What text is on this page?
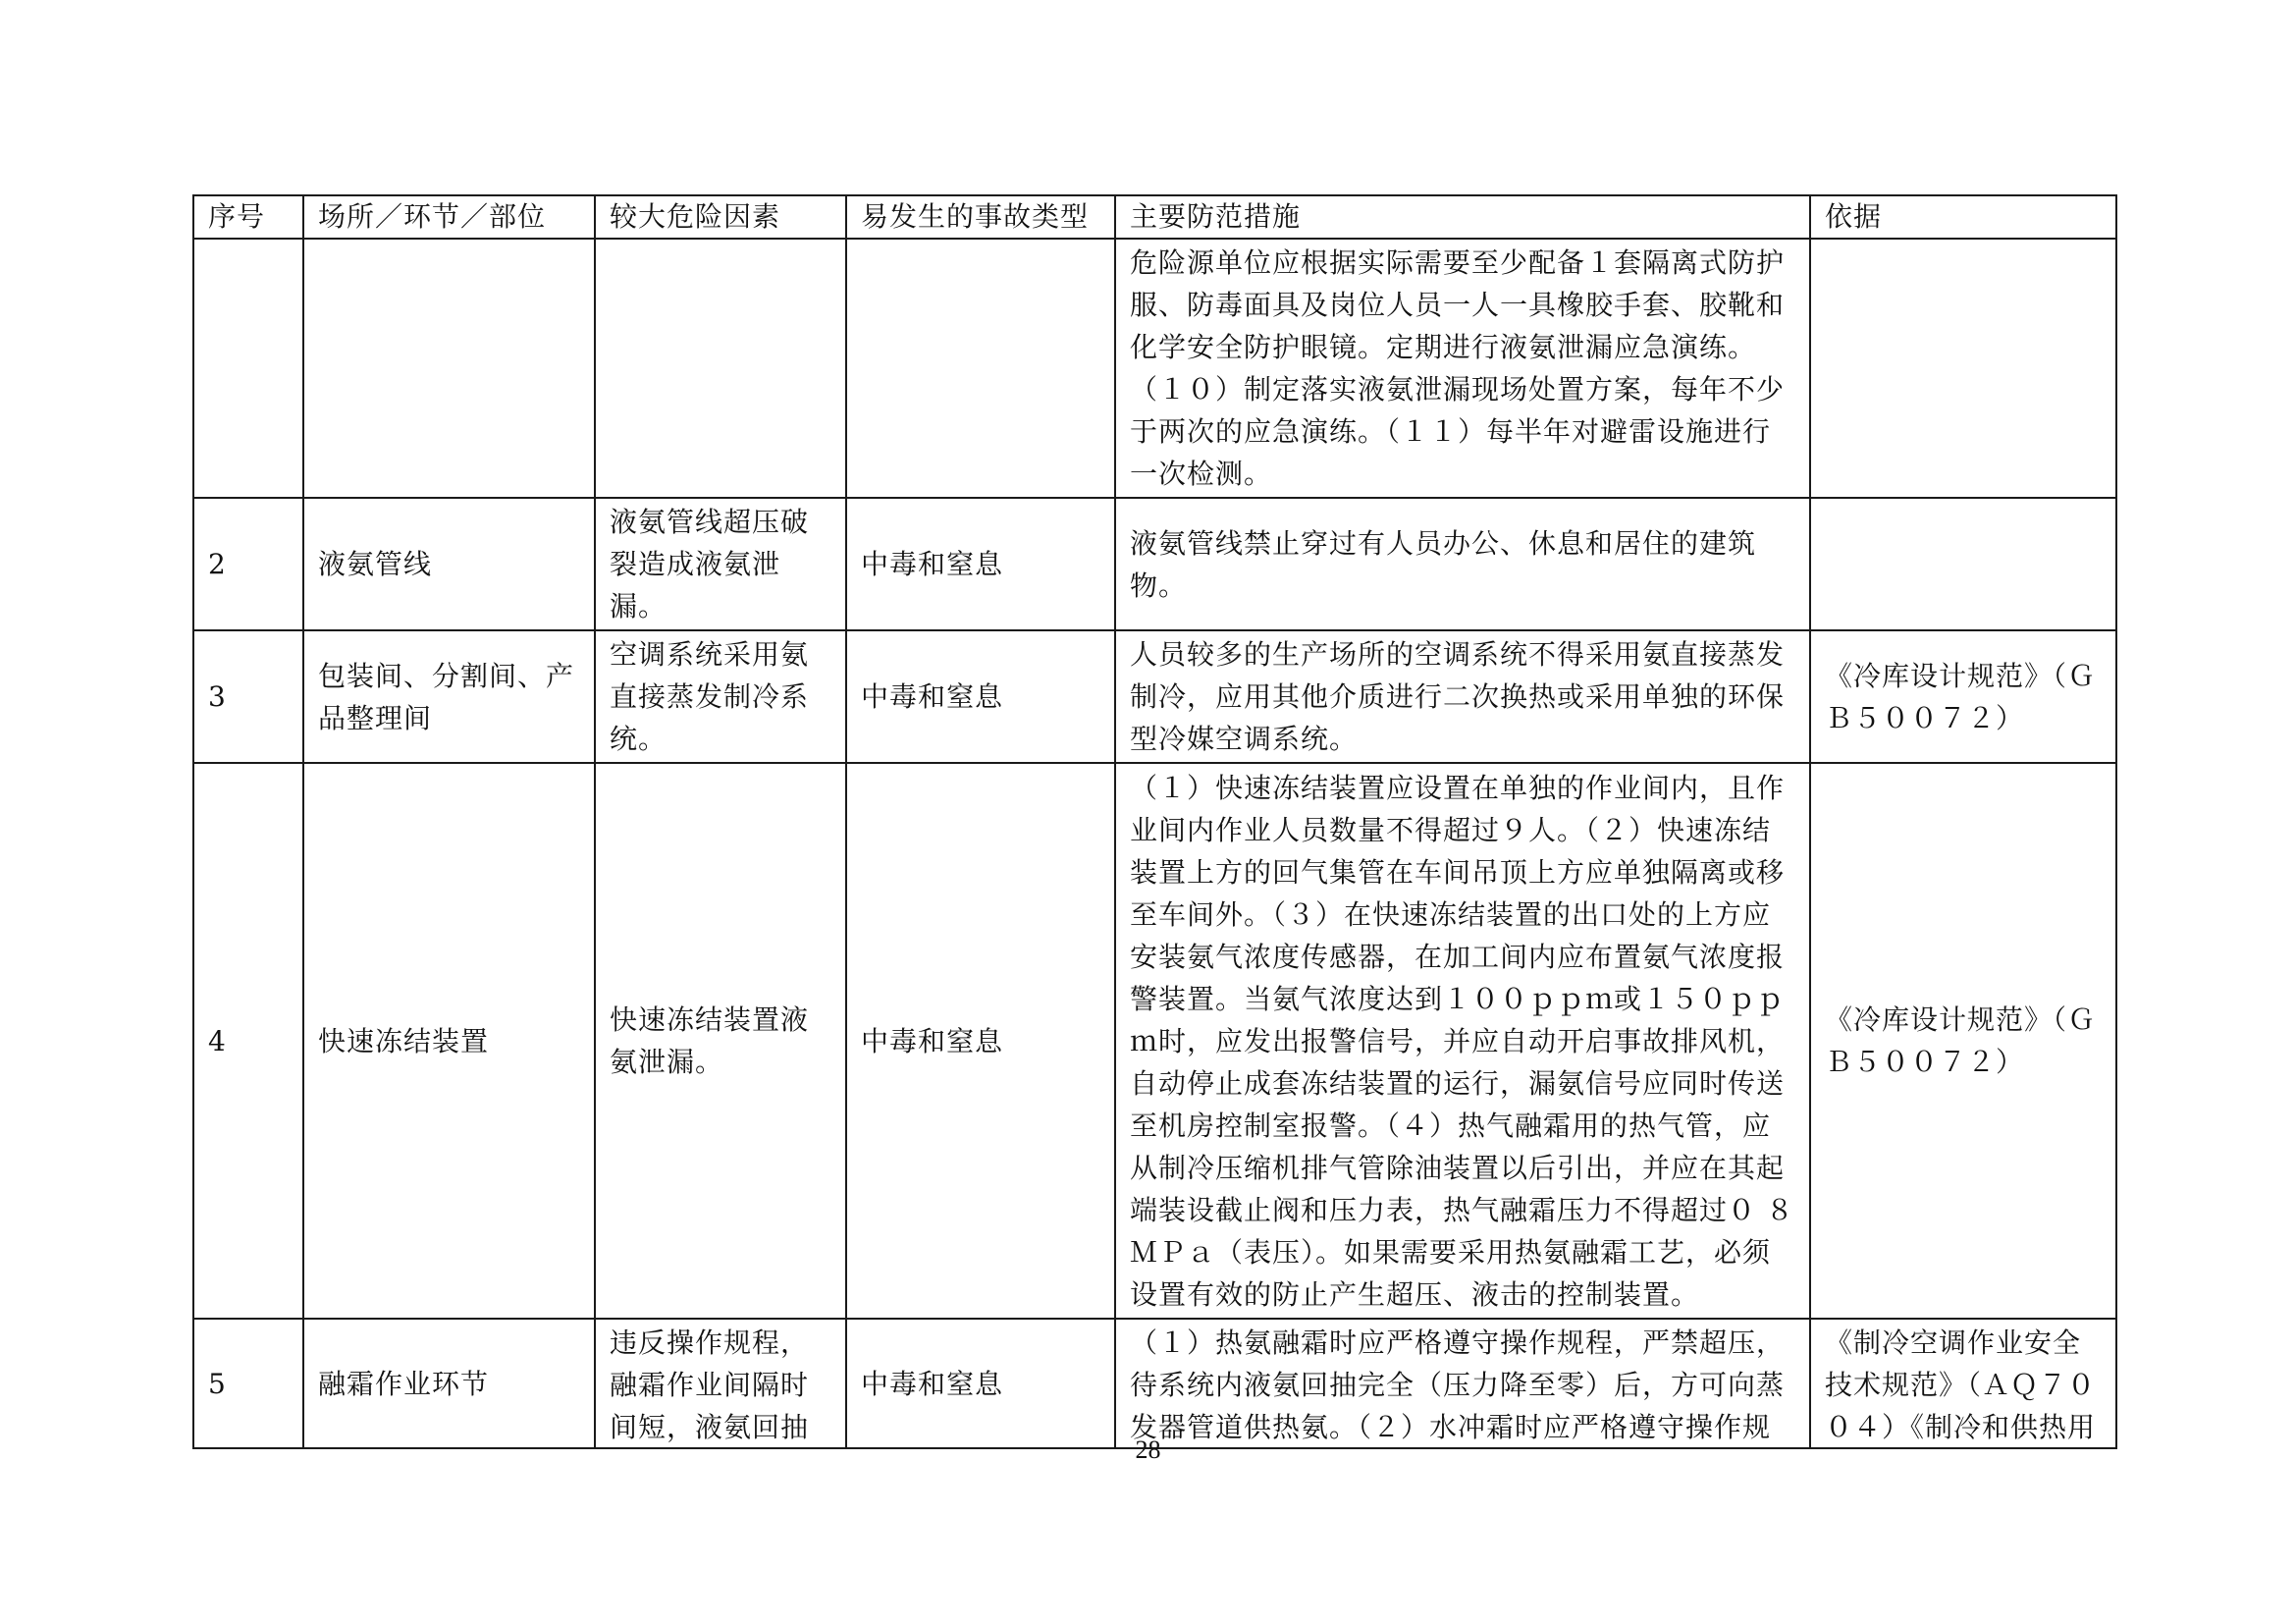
序号	场所／环节／部位	较大危险因素	易发生的事故类型	主要防范措施	依据
				危险源单位应根据实际需要至少配备１套隔离式防护服、防毒面具及岗位人员一人一具橡胶手套、胶靴和化学安全防护眼镜。定期进行液氨泄漏应急演练。（１０）制定落实液氨泄漏现场处置方案，每年不少于两次的应急演练。（１１）每半年对避雷设施进行一次检测。	
2	液氨管线	液氨管线超压破裂造成液氨泄漏。	中毒和窒息	液氨管线禁止穿过有人员办公、休息和居住的建筑物。	
3	包装间、分割间、产品整理间	空调系统采用氨直接蒸发制冷系统。	中毒和窒息	人员较多的生产场所的空调系统不得采用氨直接蒸发制冷，应用其他介质进行二次换热或采用单独的环保型冷媒空调系统。	《冷库设计规范》（ＧＢ５００７２）
4	快速冻结装置	快速冻结装置液氨泄漏。	中毒和窒息	（１）快速冻结装置应设置在单独的作业间内，且作业间内作业人员数量不得超过９人。（２）快速冻结装置上方的回气集管在车间吊顶上方应单独隔离或移至车间外。（３）在快速冻结装置的出口处的上方应安装氨气浓度传感器，在加工间内应布置氨气浓度报警装置。当氨气浓度达到１００ｐｐｍ或１５０ｐｐｍ时，应发出报警信号，并应自动开启事故排风机，自动停止成套冻结装置的运行，漏氨信号应同时传送至机房控制室报警。（４）热气融霜用的热气管，应从制冷压缩机排气管除油装置以后引出，并应在其起端装设截止阀和压力表，热气融霜压力不得超过０ ８ＭＰａ（表压）。如果需要采用热氨融霜工艺，必须设置有效的防止产生超压、液击的控制装置。	《冷库设计规范》（ＧＢ５００７２）
5	融霜作业环节	违反操作规程，融霜作业间隔时间短，液氨回抽	中毒和窒息	（１）热氨融霜时应严格遵守操作规程，严禁超压，待系统内液氨回抽完全（压力降至零）后，方可向蒸发器管道供热氨。（２）水冲霜时应严格遵守操作规	《制冷空调作业安全技术规范》（ＡＱ７００４）《制冷和供热用
28
